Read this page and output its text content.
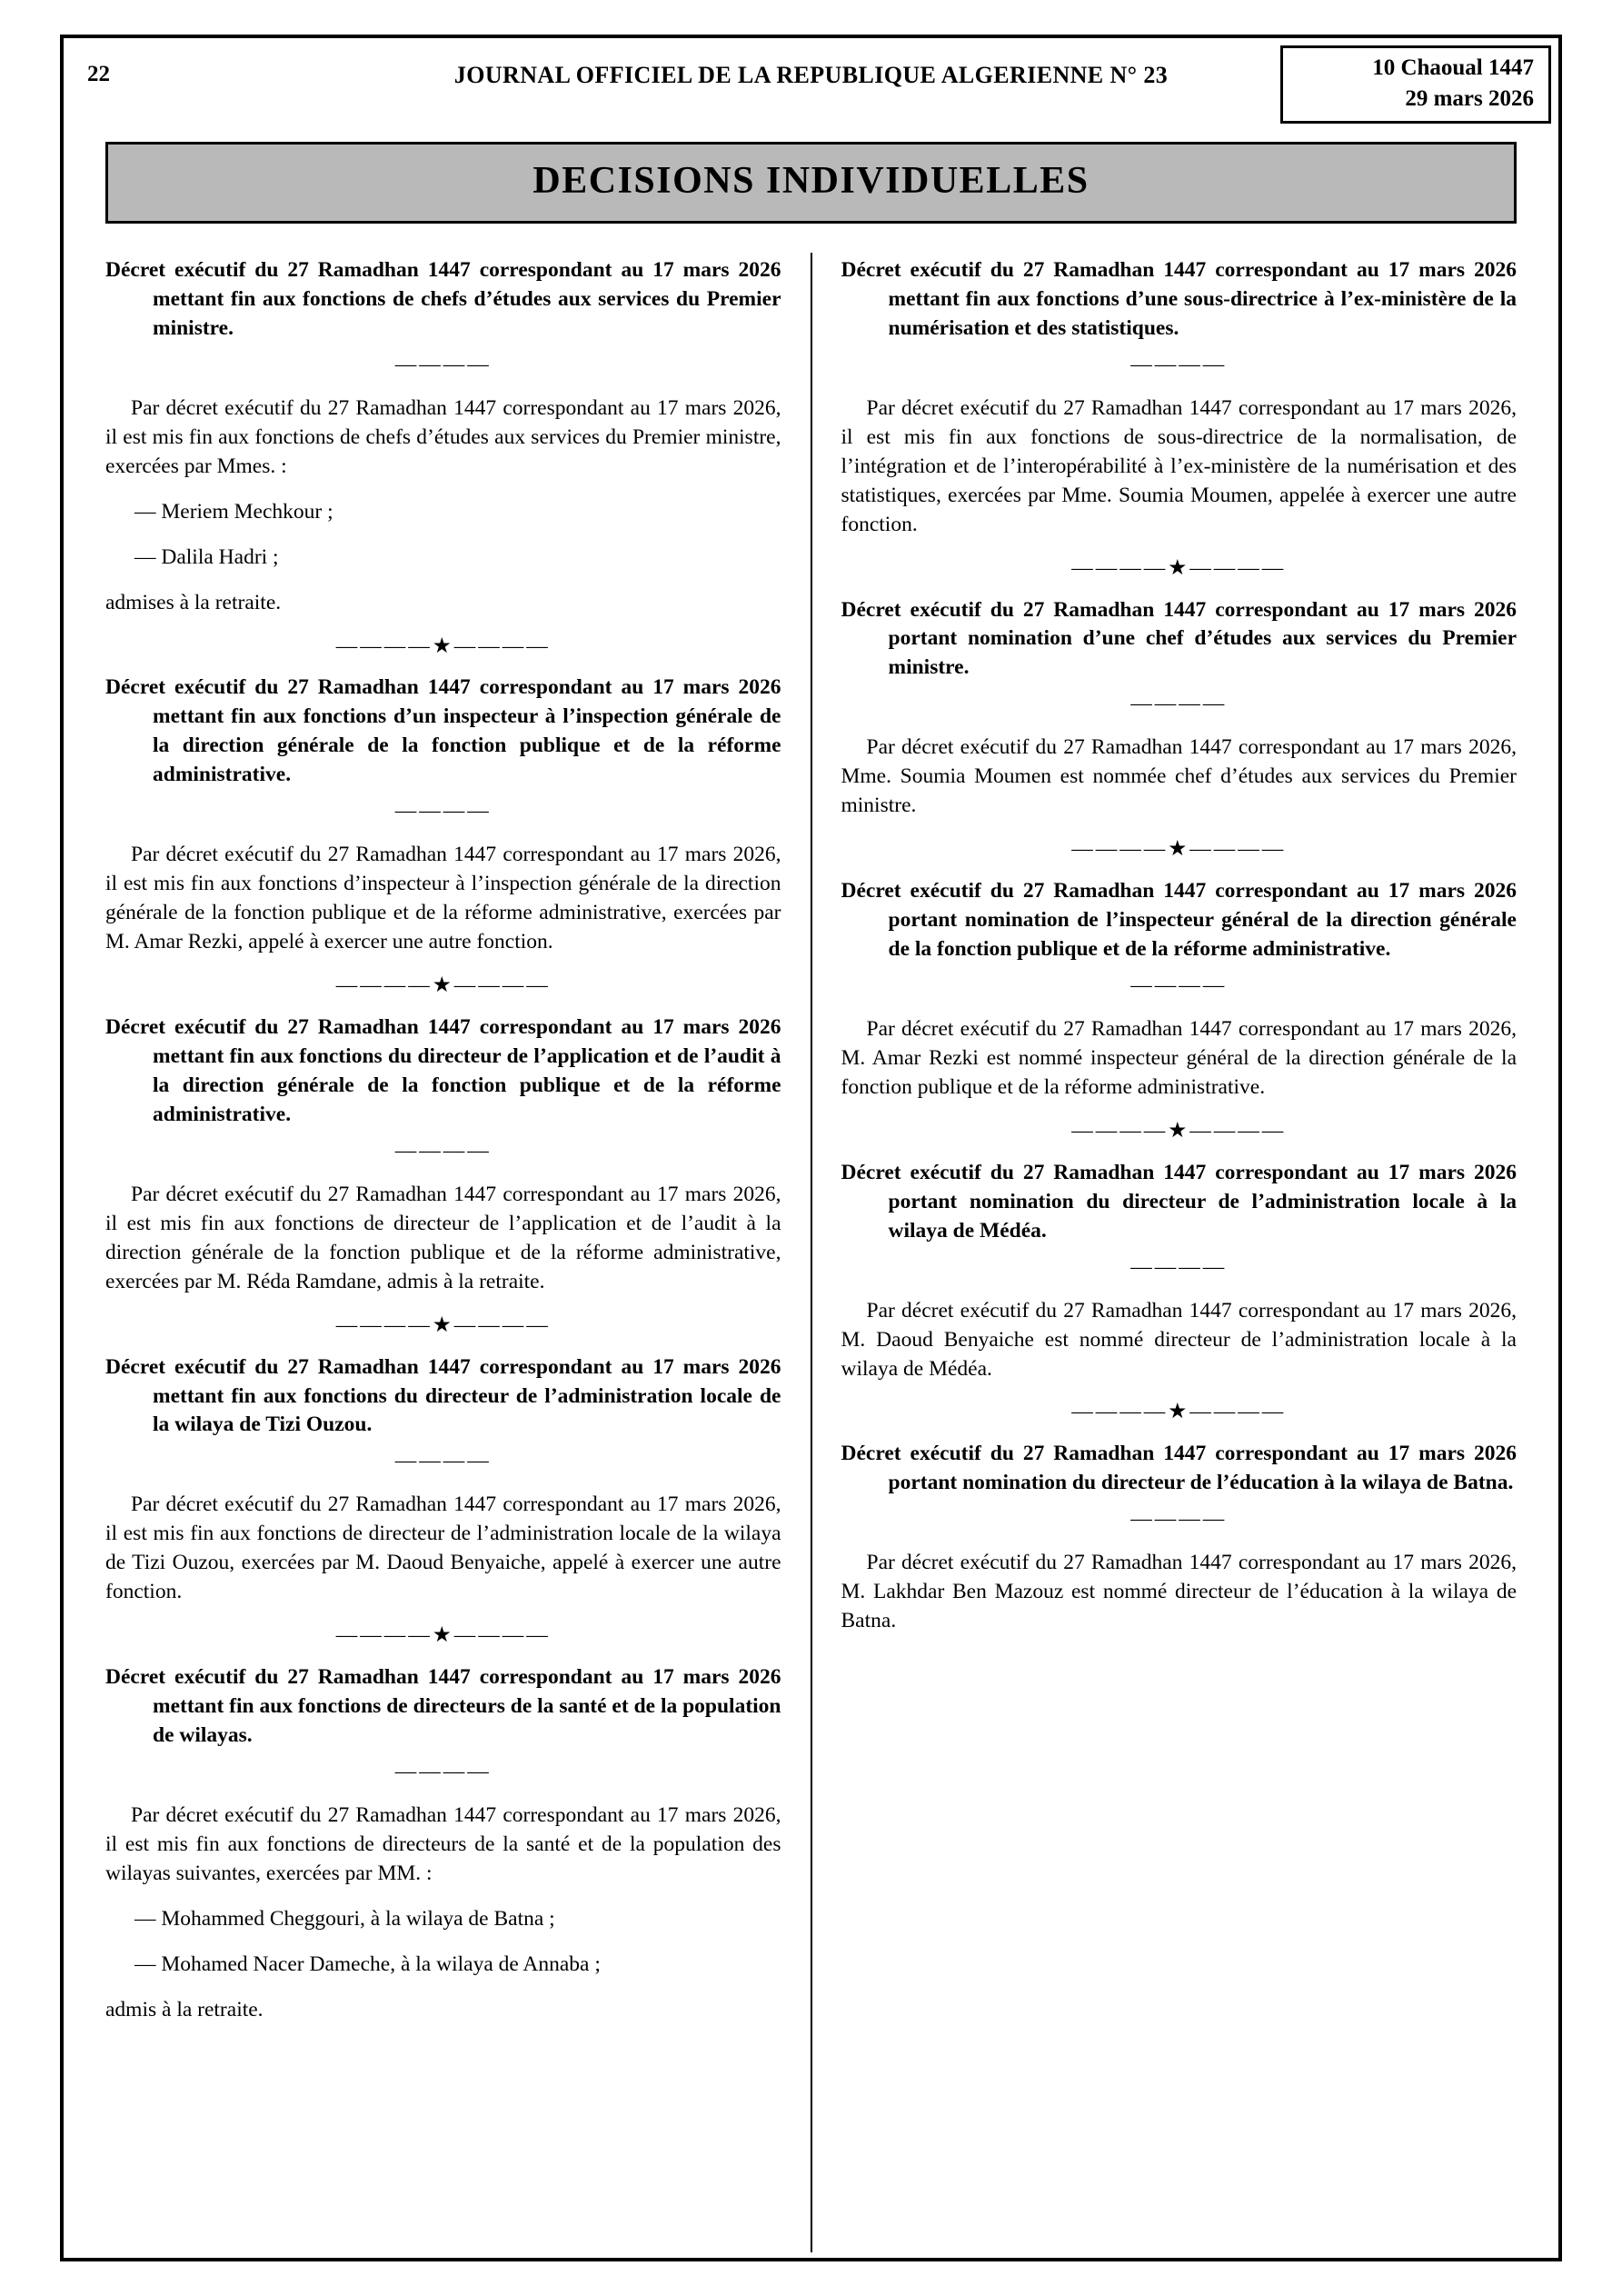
22	JOURNAL OFFICIEL DE LA REPUBLIQUE ALGERIENNE N° 23	10 Chaoual 1447
29 mars 2026
DECISIONS INDIVIDUELLES
Décret exécutif du 27 Ramadhan 1447 correspondant au 17 mars 2026 mettant fin aux fonctions de chefs d’études aux services du Premier ministre.
————

Par décret exécutif du 27 Ramadhan 1447 correspondant au 17 mars 2026, il est mis fin aux fonctions de chefs d’études aux services du Premier ministre, exercées par Mmes. :

— Meriem Mechkour ;

— Dalila Hadri ;

admises à la retraite.

————★————
Décret exécutif du 27 Ramadhan 1447 correspondant au 17 mars 2026 mettant fin aux fonctions d’un inspecteur à l’inspection générale de la direction générale de la fonction publique et de la réforme administrative.
————

Par décret exécutif du 27 Ramadhan 1447 correspondant au 17 mars 2026, il est mis fin aux fonctions d’inspecteur à l’inspection générale de la direction générale de la fonction publique et de la réforme administrative, exercées par M. Amar Rezki, appelé à exercer une autre fonction.

————★————
Décret exécutif du 27 Ramadhan 1447 correspondant au 17 mars 2026 mettant fin aux fonctions du directeur de l’application et de l’audit à la direction générale de la fonction publique et de la réforme administrative.
————

Par décret exécutif du 27 Ramadhan 1447 correspondant au 17 mars 2026, il est mis fin aux fonctions de directeur de l’application et de l’audit à la direction générale de la fonction publique et de la réforme administrative, exercées par M. Réda Ramdane, admis à la retraite.

————★————
Décret exécutif du 27 Ramadhan 1447 correspondant au 17 mars 2026 mettant fin aux fonctions du directeur de l’administration locale de la wilaya de Tizi Ouzou.
————

Par décret exécutif du 27 Ramadhan 1447 correspondant au 17 mars 2026, il est mis fin aux fonctions de directeur de l’administration locale de la wilaya de Tizi Ouzou, exercées par M. Daoud Benyaiche, appelé à exercer une autre fonction.

————★————
Décret exécutif du 27 Ramadhan 1447 correspondant au 17 mars 2026 mettant fin aux fonctions de directeurs de la santé et de la population de wilayas.
————

Par décret exécutif du 27 Ramadhan 1447 correspondant au 17 mars 2026, il est mis fin aux fonctions de directeurs de la santé et de la population des wilayas suivantes, exercées par MM. :

— Mohammed Cheggouri, à la wilaya de Batna ;

— Mohamed Nacer Dameche, à la wilaya de Annaba ;

admis à la retraite.

Décret exécutif du 27 Ramadhan 1447 correspondant au 17 mars 2026 mettant fin aux fonctions d’une sous-directrice à l’ex-ministère de la numérisation et des statistiques.
————

Par décret exécutif du 27 Ramadhan 1447 correspondant au 17 mars 2026, il est mis fin aux fonctions de sous-directrice de la normalisation, de l’intégration et de l’interopérabilité à l’ex-ministère de la numérisation et des statistiques, exercées par Mme. Soumia Moumen, appelée à exercer une autre fonction.

————★————
Décret exécutif du 27 Ramadhan 1447 correspondant au 17 mars 2026 portant nomination d’une chef d’études aux services du Premier ministre.
————

Par décret exécutif du 27 Ramadhan 1447 correspondant au 17 mars 2026, Mme. Soumia Moumen est nommée chef d’études aux services du Premier ministre.

————★————
Décret exécutif du 27 Ramadhan 1447 correspondant au 17 mars 2026 portant nomination de l’inspecteur général de la direction générale de la fonction publique et de la réforme administrative.
————

Par décret exécutif du 27 Ramadhan 1447 correspondant au 17 mars 2026, M. Amar Rezki est nommé inspecteur général de la direction générale de la fonction publique et de la réforme administrative.

————★————
Décret exécutif du 27 Ramadhan 1447 correspondant au 17 mars 2026 portant nomination du directeur de l’administration locale à la wilaya de Médéa.
————

Par décret exécutif du 27 Ramadhan 1447 correspondant au 17 mars 2026, M. Daoud Benyaiche est nommé directeur de l’administration locale à la wilaya de Médéa.

————★————
Décret exécutif du 27 Ramadhan 1447 correspondant au 17 mars 2026 portant nomination du directeur de l’éducation à la wilaya de Batna.
————

Par décret exécutif du 27 Ramadhan 1447 correspondant au 17 mars 2026, M. Lakhdar Ben Mazouz est nommé directeur de l’éducation à la wilaya de Batna.
